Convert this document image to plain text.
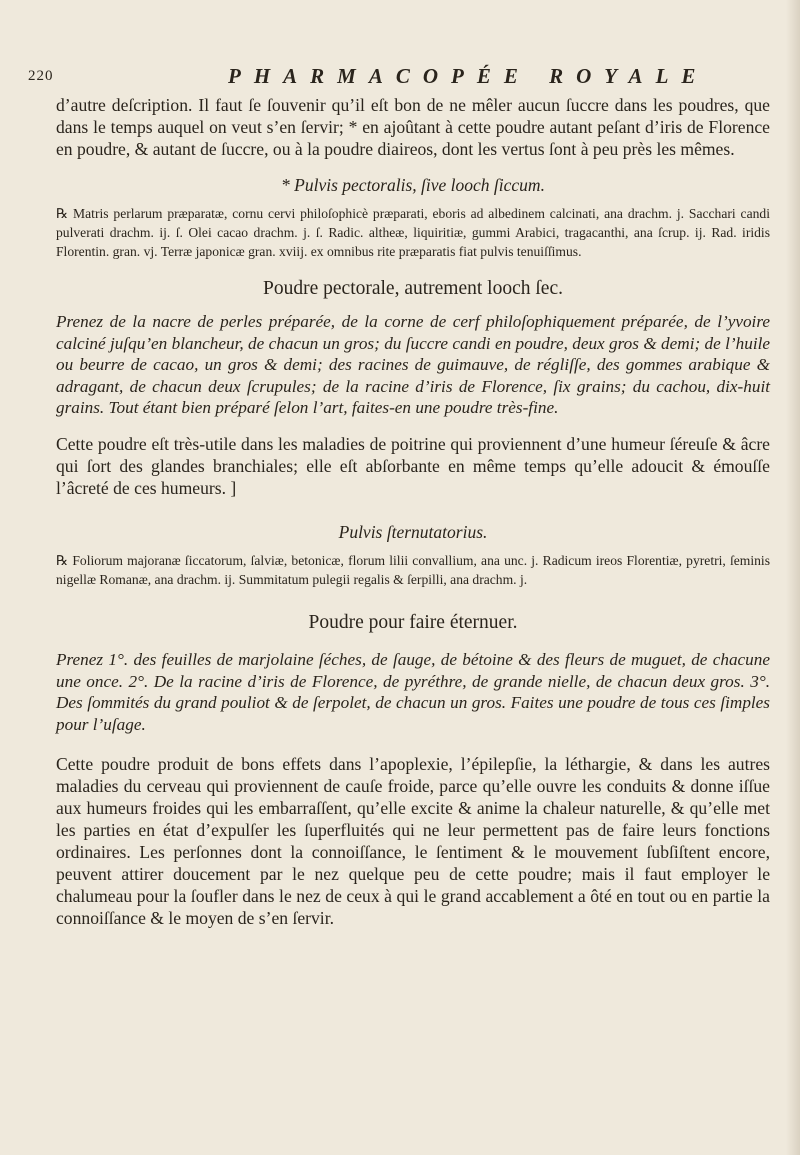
220	PHARMACOPÉE ROYALE

d’autre deſcription. Il faut ſe ſouvenir qu’il eſt bon de ne mêler aucun ſuccre dans les poudres, que dans le temps auquel on veut s’en ſervir; * en ajoûtant à cette poudre autant peſant d’iris de Florence en poudre, & autant de ſuccre, ou à la poudre diaireos, dont les vertus ſont à peu près les mêmes.

* Pulvis pectoralis, ſive looch ſiccum.

℞ Matris perlarum præparatæ, cornu cervi philoſophicè præparati, eboris ad albedinem calcinati, ana drachm. j. Sacchari candi pulverati drachm. ij. ſ. Olei cacao drachm. j. ſ. Radic. altheæ, liquiritiæ, gummi Arabici, tragacanthi, ana ſcrup. ij. Rad. iridis Florentin. gran. vj. Terræ japonicæ gran. xviij. ex omnibus rite præparatis fiat pulvis tenuiſſimus.

Poudre pectorale, autrement looch ſec.

Prenez de la nacre de perles préparée, de la corne de cerf philoſophiquement préparée, de l’yvoire calciné juſqu’en blancheur, de chacun un gros; du ſuccre candi en poudre, deux gros & demi; de l’huile ou beurre de cacao, un gros & demi; des racines de guimauve, de régliſſe, des gommes arabique & adragant, de chacun deux ſcrupules; de la racine d’iris de Florence, ſix grains; du cachou, dix-huit grains. Tout étant bien préparé ſelon l’art, faites-en une poudre très-fine.

Cette poudre eſt très-utile dans les maladies de poitrine qui proviennent d’une humeur ſéreuſe & âcre qui ſort des glandes branchiales; elle eſt abſorbante en même temps qu’elle adoucit & émouſſe l’âcreté de ces humeurs. ]

Pulvis ſternutatorius.

℞ Foliorum majoranæ ſiccatorum, ſalviæ, betonicæ, florum lilii convallium, ana unc. j. Radicum ireos Florentiæ, pyretri, ſeminis nigellæ Romanæ, ana drachm. ij. Summitatum pulegii regalis & ſerpilli, ana drachm. j.

Poudre pour faire éternuer.

Prenez 1°. des feuilles de marjolaine ſéches, de ſauge, de bétoine & des fleurs de muguet, de chacune une once. 2°. De la racine d’iris de Florence, de pyréthre, de grande nielle, de chacun deux gros. 3°. Des ſommités du grand pouliot & de ſerpolet, de chacun un gros. Faites une poudre de tous ces ſimples pour l’uſage.

Cette poudre produit de bons effets dans l’apoplexie, l’épilepſie, la léthargie, & dans les autres maladies du cerveau qui proviennent de cauſe froide, parce qu’elle ouvre les conduits & donne iſſue aux humeurs froides qui les embarraſſent, qu’elle excite & anime la chaleur naturelle, & qu’elle met les parties en état d’expulſer les ſuperfluités qui ne leur permettent pas de faire leurs fonctions ordinaires. Les perſonnes dont la connoiſſance, le ſentiment & le mouvement ſubſiſtent encore, peuvent attirer doucement par le nez quelque peu de cette poudre; mais il faut employer le chalumeau pour la ſoufler dans le nez de ceux à qui le grand accablement a ôté en tout ou en partie la connoiſſance & le moyen de s’en ſervir.
